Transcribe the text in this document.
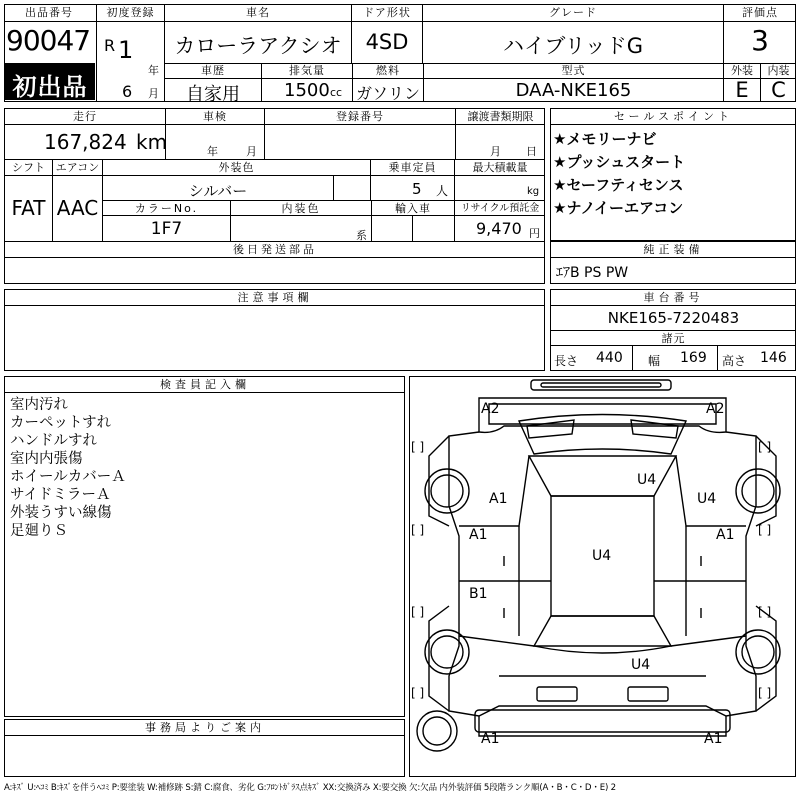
出品番号
90047
初出品
初度登録
R 1
年
6 月
車名
カローラアクシオ
ドア形状
4SD
グレード
ハイブリッドG
評価点
3
車歴
自家用
排気量
1500 cc
燃料
ガソリン
型式
DAA-NKE165
外装	内装
E	C
走行
167,824 km
車検
年	月
登録番号	譲渡書類期限
月 日
シフト エアコン
FAT AAC
外装色
シルバー
乗車定員
5 人
最大積載量
kg
カラーNo.
1F7
内装色
系
輸入車	リサイクル預託金
9,470 円
後日発送部品
セールスポイント
★メモリーナビ
★プッシュスタート
★セーフティセンス
★ナノイーエアコン
純正装備
ｴｱB PS PW
注意事項欄	車台番号
NKE165-7220483
諸元
長さ 440 幅 169 高さ 146
検査員記入欄
室内汚れ
カーペットすれ
ハンドルすれ
室内内張傷
ホイールカバーＡ
サイドミラーＡ
外装うすい線傷
足廻りＳ
事務局よりご案内
[ ]	[ ]
[ ]	[ ]
[ ]	[ ]
[ ]	[ ]
A2	A2
A1
U4
U4
A1	A1
U4
B1
U4
A1	A1
A:ｷｽﾞ U:ﾍｺﾐ B:ｷｽﾞを伴うﾍｺﾐ P:要塗装 W:補修跡 S:錆 C:腐食、劣化 G:ﾌﾛﾝﾄｶﾞﾗｽ点ｷｽﾞ XX:交換済み X:要交換 欠:欠品 内外装評価 5段階ランク順(A・B・C・D・E) 2
